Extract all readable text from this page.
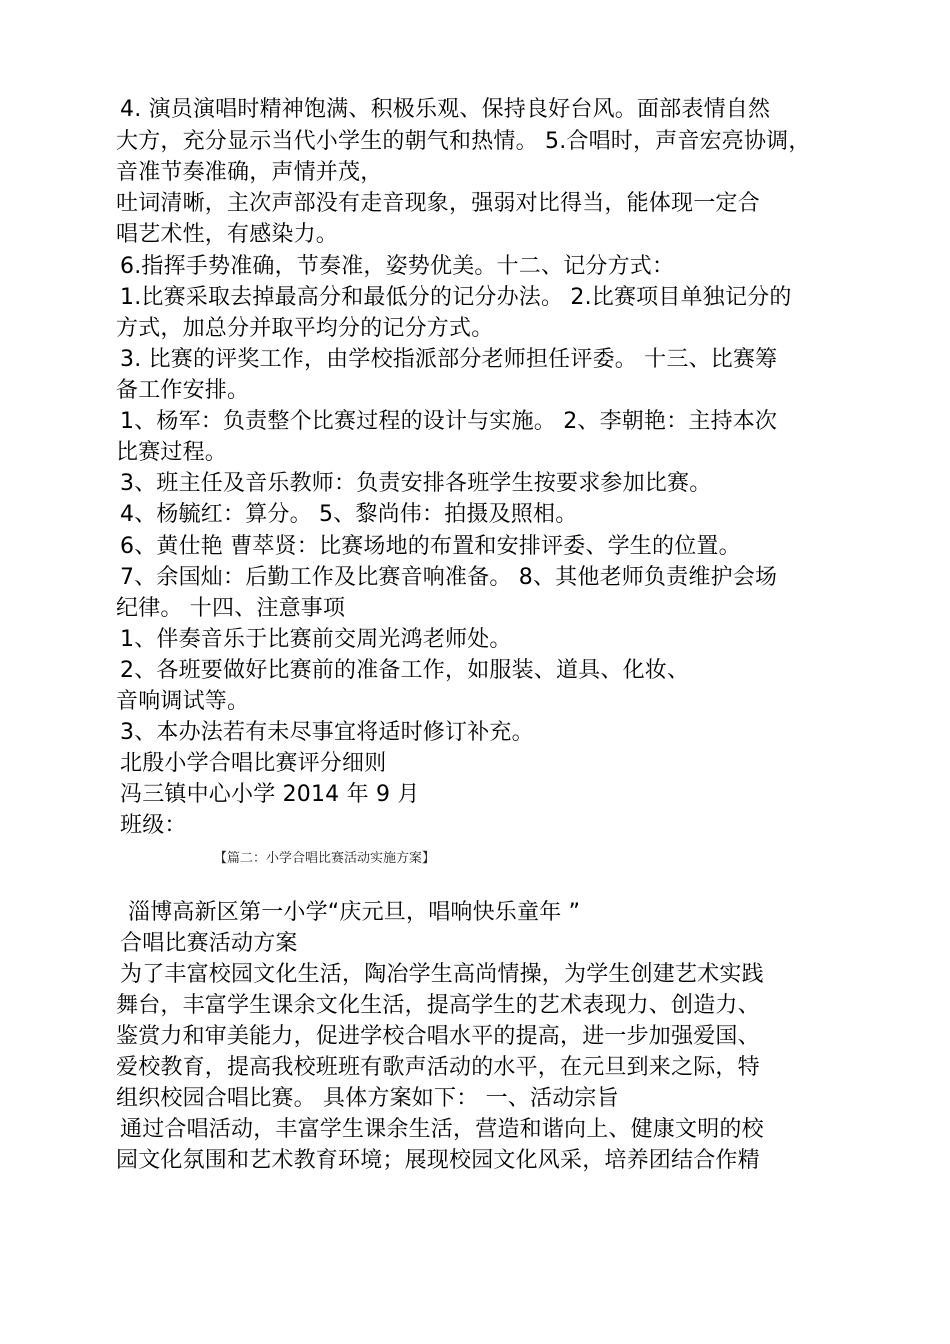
4. 演员演唱时精神饱满、积极乐观、保持良好台风。面部表情自然
大方，充分显示当代小学生的朝气和热情。 5.合唱时，声音宏亮协调，
音准节奏准确，声情并茂，
吐词清晰，主次声部没有走音现象，强弱对比得当，能体现一定合
唱艺术性，有感染力。
6.指挥手势准确，节奏准，姿势优美。十二、记分方式：
1.比赛采取去掉最高分和最低分的记分办法。 2.比赛项目单独记分的
方式，加总分并取平均分的记分方式。
3. 比赛的评奖工作，由学校指派部分老师担任评委。 十三、比赛筹
备工作安排。
1、杨军：负责整个比赛过程的设计与实施。 2、李朝艳：主持本次
比赛过程。
3、班主任及音乐教师：负责安排各班学生按要求参加比赛。
4、杨毓红：算分。 5、黎尚伟：拍摄及照相。
6、黄仕艳 曹萃贤：比赛场地的布置和安排评委、学生的位置。
7、余国灿：后勤工作及比赛音响准备。 8、其他老师负责维护会场
纪律。 十四、注意事项
1、伴奏音乐于比赛前交周光鸿老师处。
2、各班要做好比赛前的准备工作，如服装、道具、化妆、
音响调试等。
3、本办法若有未尽事宜将适时修订补充。
北殷小学合唱比赛评分细则
冯三镇中心小学 2014 年 9 月
班级：
【篇二：小学合唱比赛活动实施方案】
淄博高新区第一小学“庆元旦，唱响快乐童年 ”
合唱比赛活动方案
为了丰富校园文化生活，陶冶学生高尚情操，为学生创建艺术实践
舞台，丰富学生课余文化生活，提高学生的艺术表现力、创造力、
鉴赏力和审美能力，促进学校合唱水平的提高，进一步加强爱国、
爱校教育，提高我校班班有歌声活动的水平，在元旦到来之际，特
组织校园合唱比赛。 具体方案如下： 一、活动宗旨
通过合唱活动，丰富学生课余生活，营造和谐向上、健康文明的校
园文化氛围和艺术教育环境；展现校园文化风采，培养团结合作精
